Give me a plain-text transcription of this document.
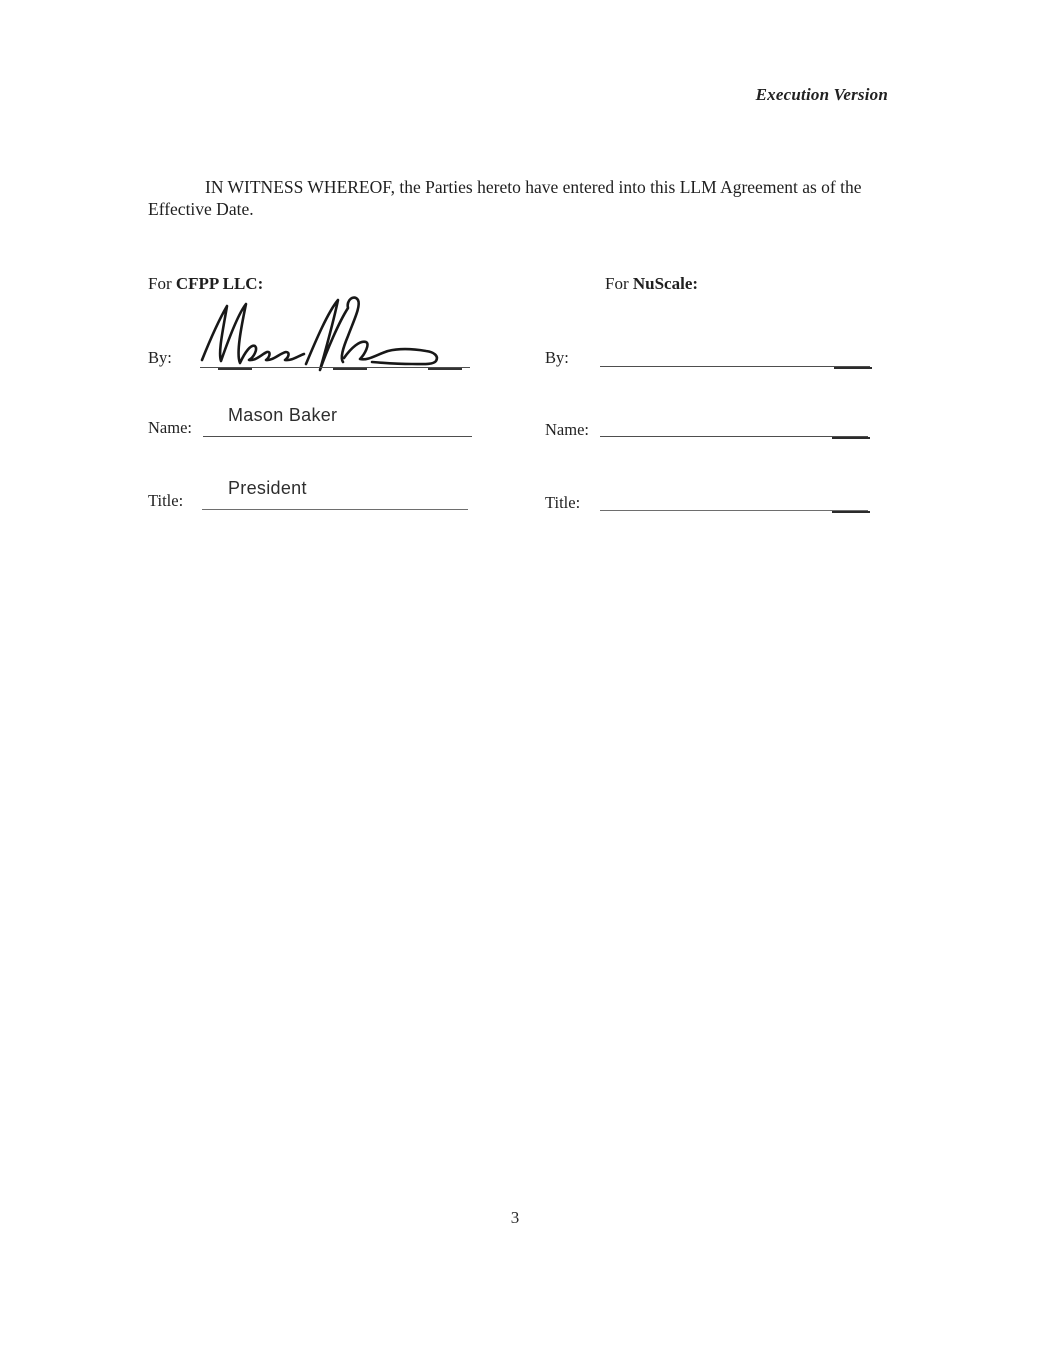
Execution Version
IN WITNESS WHEREOF, the Parties hereto have entered into this LLM Agreement as of the Effective Date.
For CFPP LLC:	For NuScale:
By:
Name:
Mason Baker
Title:
President
By:
Name:
Title:
3
